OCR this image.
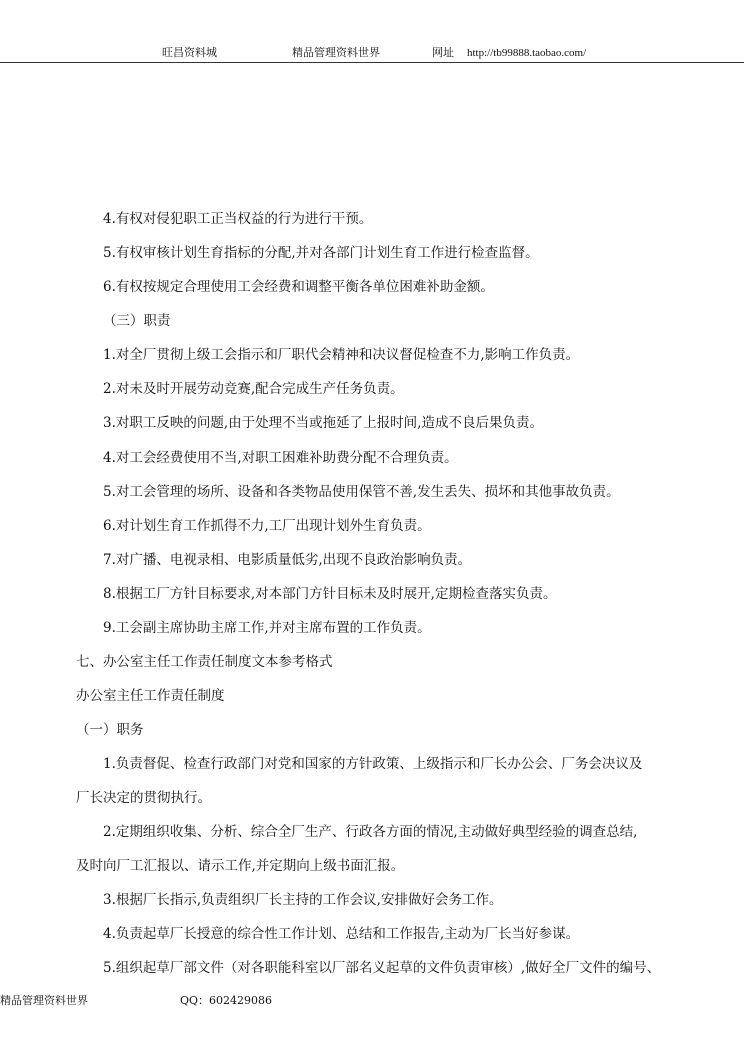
旺昌资料城	精品管理资料世界	网址 http://tb99888.taobao.com/
4.有权对侵犯职工正当权益的行为进行干预。
5.有权审核计划生育指标的分配,并对各部门计划生育工作进行检查监督。
6.有权按规定合理使用工会经费和调整平衡各单位困难补助金额。
（三）职责
1.对全厂贯彻上级工会指示和厂职代会精神和决议督促检查不力,影响工作负责。
2.对未及时开展劳动竞赛,配合完成生产任务负责。
3.对职工反映的问题,由于处理不当或拖延了上报时间,造成不良后果负责。
4.对工会经费使用不当,对职工困难补助费分配不合理负责。
5.对工会管理的场所、设备和各类物品使用保管不善,发生丢失、损坏和其他事故负责。
6.对计划生育工作抓得不力,工厂出现计划外生育负责。
7.对广播、电视录相、电影质量低劣,出现不良政治影响负责。
8.根据工厂方针目标要求,对本部门方针目标未及时展开,定期检查落实负责。
9.工会副主席协助主席工作,并对主席布置的工作负责。
七、办公室主任工作责任制度文本参考格式
办公室主任工作责任制度
（一）职务
1.负责督促、检查行政部门对党和国家的方针政策、上级指示和厂长办公会、厂务会决议及
厂长决定的贯彻执行。
2.定期组织收集、分析、综合全厂生产、行政各方面的情况,主动做好典型经验的调查总结,
及时向厂工汇报以、请示工作,并定期向上级书面汇报。
3.根据厂长指示,负责组织厂长主持的工作会议,安排做好会务工作。
4.负责起草厂长授意的综合性工作计划、总结和工作报告,主动为厂长当好参谋。
5.组织起草厂部文件（对各职能科室以厂部名义起草的文件负责审核）,做好全厂文件的编号、
精品管理资料世界	QQ：602429086
